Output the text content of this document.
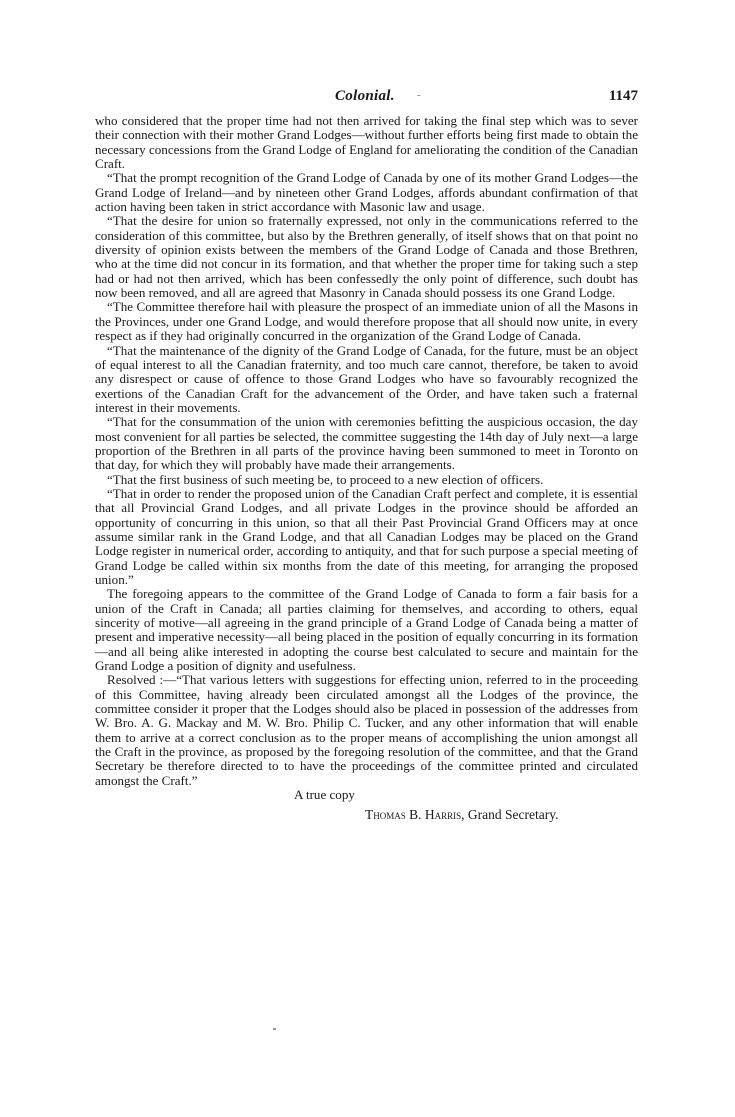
Colonial. -	1147

who considered that the proper time had not then arrived for taking the final step which was to sever their connection with their mother Grand Lodges—without further efforts being first made to obtain the necessary concessions from the Grand Lodge of England for ameliorating the condition of the Canadian Craft.

“That the prompt recognition of the Grand Lodge of Canada by one of its mother Grand Lodges—the Grand Lodge of Ireland—and by nineteen other Grand Lodges, affords abundant confirmation of that action having been taken in strict accordance with Masonic law and usage.

“That the desire for union so fraternally expressed, not only in the communications referred to the consideration of this committee, but also by the Brethren generally, of itself shows that on that point no diversity of opinion exists between the members of the Grand Lodge of Canada and those Brethren, who at the time did not concur in its formation, and that whether the proper time for taking such a step had or had not then arrived, which has been confessedly the only point of difference, such doubt has now been removed, and all are agreed that Masonry in Canada should possess its one Grand Lodge.

“The Committee therefore hail with pleasure the prospect of an immediate union of all the Masons in the Provinces, under one Grand Lodge, and would therefore propose that all should now unite, in every respect as if they had originally concurred in the organization of the Grand Lodge of Canada.

“That the maintenance of the dignity of the Grand Lodge of Canada, for the future, must be an object of equal interest to all the Canadian fraternity, and too much care cannot, therefore, be taken to avoid any disrespect or cause of offence to those Grand Lodges who have so favourably recognized the exertions of the Canadian Craft for the advancement of the Order, and have taken such a fraternal interest in their movements.

“That for the consummation of the union with ceremonies befitting the auspicious occasion, the day most convenient for all parties be selected, the committee suggesting the 14th day of July next—a large proportion of the Brethren in all parts of the province having been summoned to meet in Toronto on that day, for which they will probably have made their arrangements.

“That the first business of such meeting be, to proceed to a new election of officers.

“That in order to render the proposed union of the Canadian Craft perfect and complete, it is essential that all Provincial Grand Lodges, and all private Lodges in the province should be afforded an opportunity of concurring in this union, so that all their Past Provincial Grand Officers may at once assume similar rank in the Grand Lodge, and that all Canadian Lodges may be placed on the Grand Lodge register in numerical order, according to antiquity, and that for such purpose a special meeting of Grand Lodge be called within six months from the date of this meeting, for arranging the proposed union.”

The foregoing appears to the committee of the Grand Lodge of Canada to form a fair basis for a union of the Craft in Canada; all parties claiming for themselves, and according to others, equal sincerity of motive—all agreeing in the grand principle of a Grand Lodge of Canada being a matter of present and imperative necessity—all being placed in the position of equally concurring in its formation—and all being alike interested in adopting the course best calculated to secure and maintain for the Grand Lodge a position of dignity and usefulness.

Resolved :—“That various letters with suggestions for effecting union, referred to in the proceeding of this Committee, having already been circulated amongst all the Lodges of the province, the committee consider it proper that the Lodges should also be placed in possession of the addresses from W. Bro. A. G. Mackay and M. W. Bro. Philip C. Tucker, and any other information that will enable them to arrive at a correct conclusion as to the proper means of accomplishing the union amongst all the Craft in the province, as proposed by the foregoing resolution of the committee, and that the Grand Secretary be therefore directed to to have the proceedings of the committee printed and circulated amongst the Craft.”

A true copy
Thomas B. Harris, Grand Secretary.
